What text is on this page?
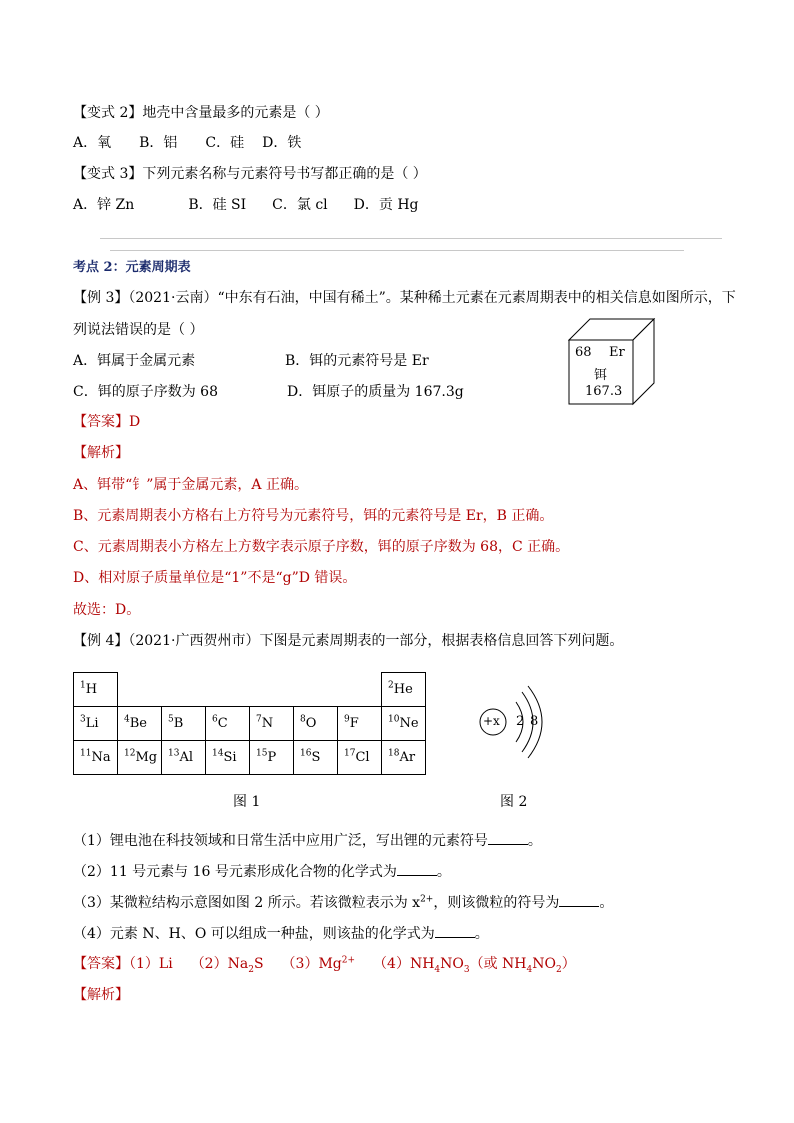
【变式 2】地壳中含量最多的元素是（ ）
A．氧 B．铝 C．硅 D．铁
【变式 3】下列元素名称与元素符号书写都正确的是（ ）
A．锌 Zn	B．硅 SI C．氯 cl D．贡 Hg
考点 2：元素周期表
【例 3】（2021·云南）“中东有石油，中国有稀土”。某种稀土元素在元素周期表中的相关信息如图所示，下
列说法错误的是（ ）
A．铒属于金属元素	B．铒的元素符号是 Er
C．铒的原子序数为 68	D．铒原子的质量为 167.3g
68 Er
铒
167.3
【答案】D
【解析】
A、铒带“钅”属于金属元素，A 正确。
B、元素周期表小方格右上方符号为元素符号，铒的元素符号是 Er，B 正确。
C、元素周期表小方格左上方数字表示原子序数，铒的原子序数为 68，C 正确。
D、相对原子质量单位是“1”不是“g”D 错误。
故选：D。
【例 4】（2021·广西贺州市）下图是元素周期表的一部分，根据表格信息回答下列问题。
$^1$H							$^2$He
$^3$Li	$^4$Be	$^5$B	$^6$C	$^7$N	$^8$O	$^9$F	$^{10}$Ne
$^{11}$Na	$^{12}$Mg	$^{13}$Al	$^{14}$Si	$^{15}$P	$^{16}$S	$^{17}$Cl	$^{18}$Ar
+x 2 8
图 1	图 2
（1）锂电池在科技领域和日常生活中应用广泛，写出锂的元素符号	。
（2）11 号元素与 16 号元素形成化合物的化学式为	。
（3）某微粒结构示意图如图 2 所示。若该微粒表示为 $x^{2+}$，则该微粒的符号为	。
（4）元素 N、H、O 可以组成一种盐，则该盐的化学式为	。
【答案】（1）Li $(2)Na_2S$ $(3)Mg^{2+}$ $(4)NH_4NO_3$（或 $NH_4NO_2$）
【解析】
